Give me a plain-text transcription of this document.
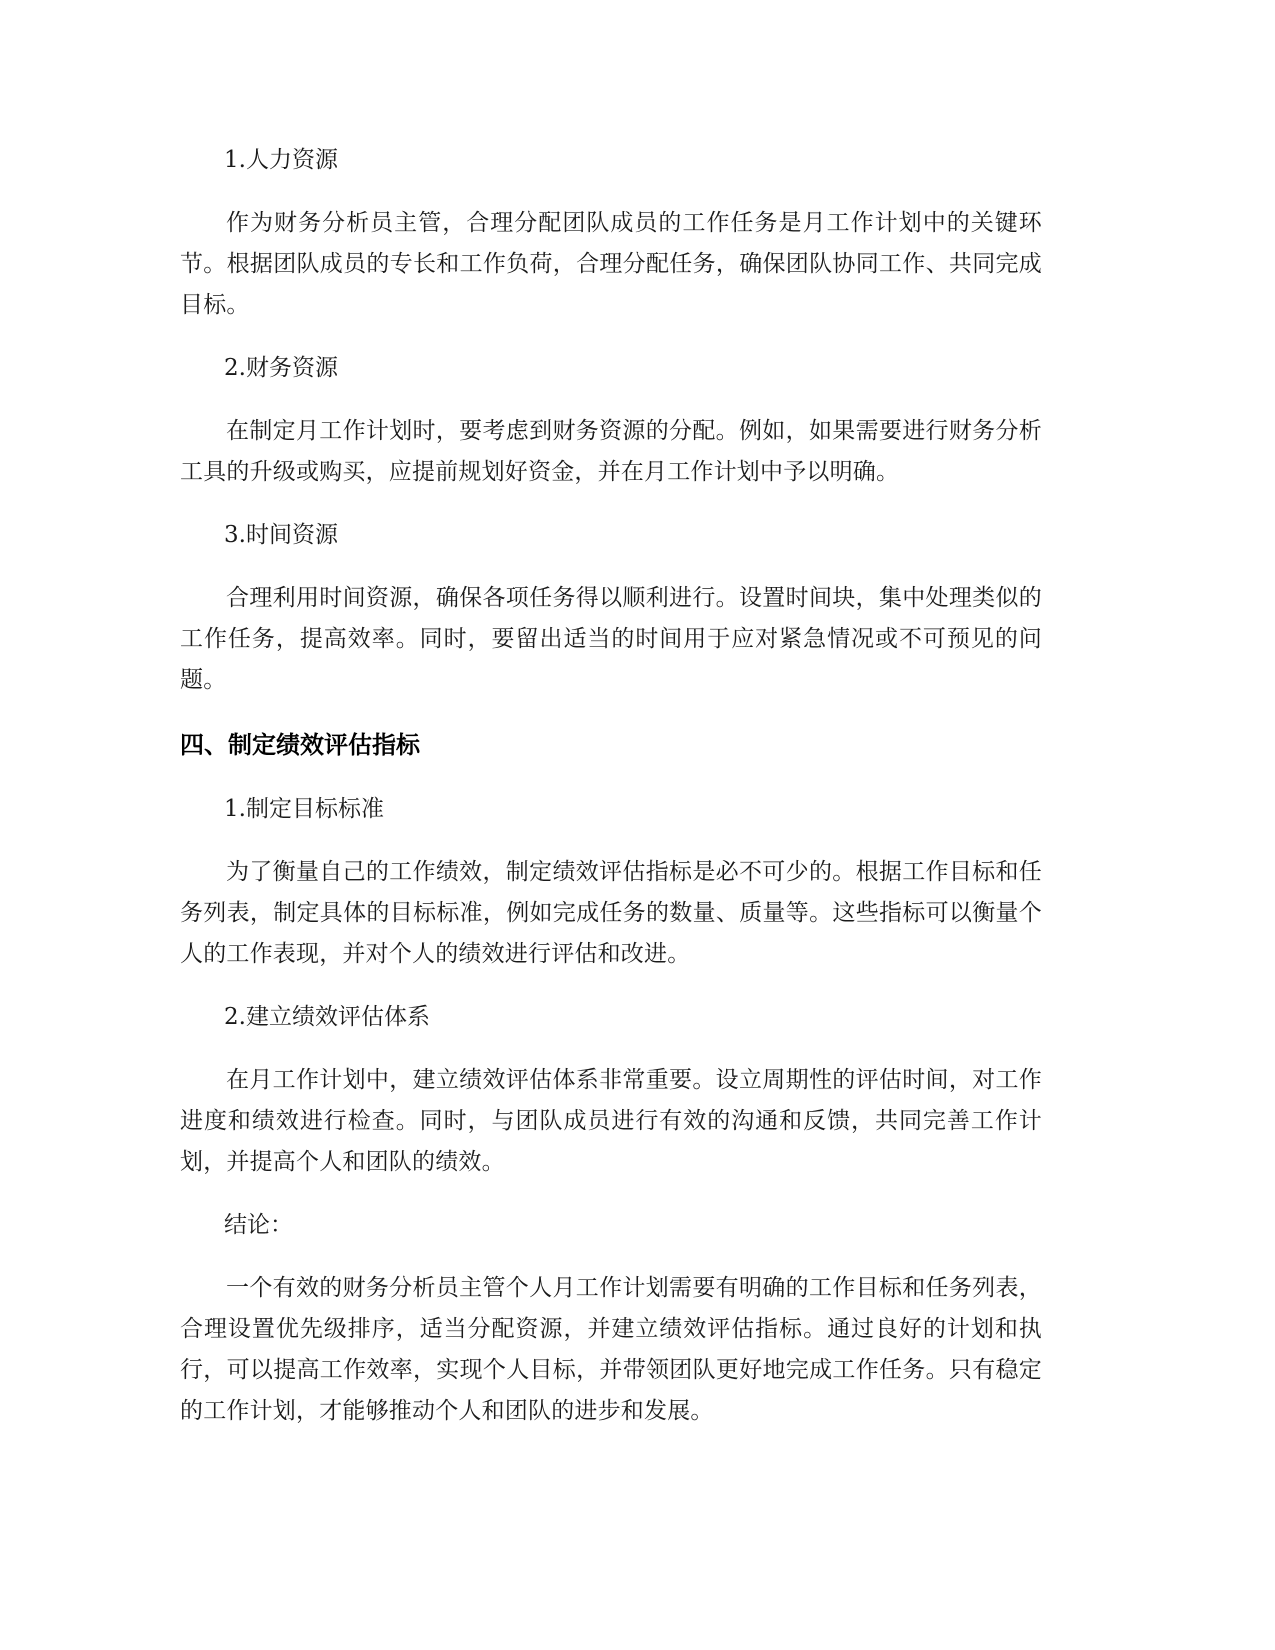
1.人力资源

作为财务分析员主管，合理分配团队成员的工作任务是月工作计划中的关键环节。根据团队成员的专长和工作负荷，合理分配任务，确保团队协同工作、共同完成目标。

2.财务资源

在制定月工作计划时，要考虑到财务资源的分配。例如，如果需要进行财务分析工具的升级或购买，应提前规划好资金，并在月工作计划中予以明确。

3.时间资源

合理利用时间资源，确保各项任务得以顺利进行。设置时间块，集中处理类似的工作任务，提高效率。同时，要留出适当的时间用于应对紧急情况或不可预见的问题。

四、制定绩效评估指标

1.制定目标标准

为了衡量自己的工作绩效，制定绩效评估指标是必不可少的。根据工作目标和任务列表，制定具体的目标标准，例如完成任务的数量、质量等。这些指标可以衡量个人的工作表现，并对个人的绩效进行评估和改进。

2.建立绩效评估体系

在月工作计划中，建立绩效评估体系非常重要。设立周期性的评估时间，对工作进度和绩效进行检查。同时，与团队成员进行有效的沟通和反馈，共同完善工作计划，并提高个人和团队的绩效。

结论：

一个有效的财务分析员主管个人月工作计划需要有明确的工作目标和任务列表，合理设置优先级排序，适当分配资源，并建立绩效评估指标。通过良好的计划和执行，可以提高工作效率，实现个人目标，并带领团队更好地完成工作任务。只有稳定的工作计划，才能够推动个人和团队的进步和发展。
